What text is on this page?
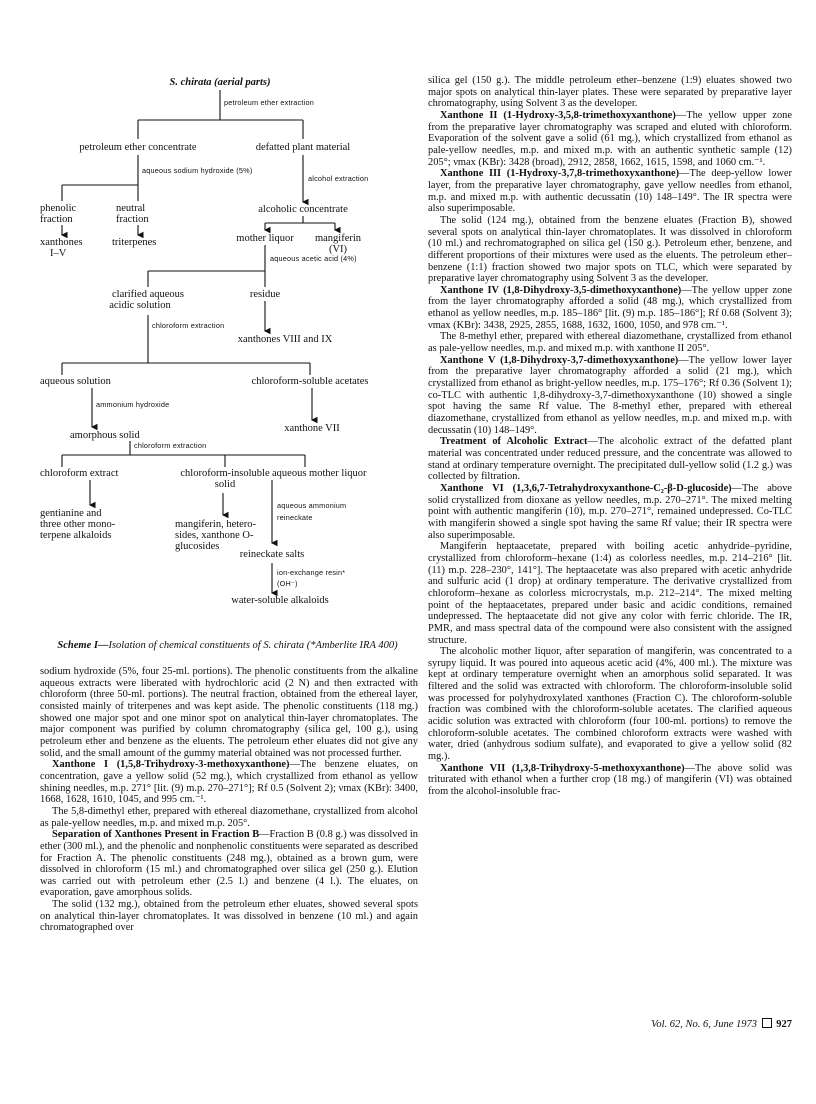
petroleum ether extraction
aqueous sodium hydroxide (5%)
alcohol extraction
aqueous acetic acid (4%)
chloroform extraction
ammonium hydroxide
chloroform extraction
aqueous ammonium
reineckate
ion-exchange resin*
(OH⁻)
S. chirata (aerial parts)
petroleum ether concentrate	defatted plant material
phenolic
fraction
neutral
fraction
alcoholic concentrate
xanthones
I–V
triterpenes	mother liquor mangiferin
(VI)
clarified aqueous
acidic solution
residue
xanthones VIII and IX
aqueous solution	chloroform-soluble acetates
amorphous solid
xanthone VII
chloroform extract	chloroform-insoluble
solid
aqueous mother liquor
gentianine and
three other mono-
terpene alkaloids
mangiferin, hetero-
sides, xanthone O-
glucosides
reineckate salts
water-soluble alkaloids
Scheme I—Isolation of chemical constituents of S. chirata (*Amberlite IRA 400)

sodium hydroxide (5%, four 25-ml. portions). The phenolic constituents from the alkaline aqueous extracts were liberated with hydrochloric acid (2 N) and then extracted with chloroform (three 50-ml. portions). The neutral fraction, obtained from the ethereal layer, consisted mainly of triterpenes and was kept aside. The phenolic constituents (118 mg.) showed one major spot and one minor spot on analytical thin-layer chromatoplates. The major component was purified by column chromatography (silica gel, 100 g.), using petroleum ether and benzene as the eluents. The petroleum ether eluates did not give any solid, and the small amount of the gummy material obtained was not processed further.

Xanthone I (1,5,8-Trihydroxy-3-methoxyxanthone)—The benzene eluates, on concentration, gave a yellow solid (52 mg.), which crystallized from ethanol as yellow shining needles, m.p. 271° [lit. (9) m.p. 270–271°]; Rf 0.5 (Solvent 2); νmax (KBr): 3400, 1668, 1628, 1610, 1045, and 995 cm.⁻¹.

The 5,8-dimethyl ether, prepared with ethereal diazomethane, crystallized from alcohol as pale-yellow needles, m.p. and mixed m.p. 205°.

Separation of Xanthones Present in Fraction B—Fraction B (0.8 g.) was dissolved in ether (300 ml.), and the phenolic and nonphenolic constituents were separated as described for Fraction A. The phenolic constituents (248 mg.), obtained as a brown gum, were dissolved in chloroform (15 ml.) and chromatographed over silica gel (250 g.). Elution was carried out with petroleum ether (2.5 l.) and benzene (4 l.). The eluates, on evaporation, gave amorphous solids.

The solid (132 mg.), obtained from the petroleum ether eluates, showed several spots on analytical thin-layer chromatoplates. It was dissolved in benzene (10 ml.) and again chromatographed over

silica gel (150 g.). The middle petroleum ether–benzene (1:9) eluates showed two major spots on analytical thin-layer plates. These were separated by preparative layer chromatography, using Solvent 3 as the developer.

Xanthone II (1-Hydroxy-3,5,8-trimethoxyxanthone)—The yellow upper zone from the preparative layer chromatography was scraped and eluted with chloroform. Evaporation of the solvent gave a solid (61 mg.), which crystallized from ethanol as pale-yellow needles, m.p. and mixed m.p. with an authentic synthetic sample (12) 205°; νmax (KBr): 3428 (broad), 2912, 2858, 1662, 1615, 1598, and 1060 cm.⁻¹.

Xanthone III (1-Hydroxy-3,7,8-trimethoxyxanthone)—The deep-yellow lower layer, from the preparative layer chromatography, gave yellow needles from ethanol, m.p. and mixed m.p. with authentic decussatin (10) 148–149°. The IR spectra were also superimposable.

The solid (124 mg.), obtained from the benzene eluates (Fraction B), showed several spots on analytical thin-layer chromatoplates. It was dissolved in chloroform (10 ml.) and rechromatographed on silica gel (150 g.). Petroleum ether, benzene, and different proportions of their mixtures were used as the eluents. The petroleum ether–benzene (1:1) fraction showed two major spots on TLC, which were separated by preparative layer chromatography using Solvent 3 as the developer.

Xanthone IV (1,8-Dihydroxy-3,5-dimethoxyxanthone)—The yellow upper zone from the layer chromatography afforded a solid (48 mg.), which crystallized from ethanol as yellow needles, m.p. 185–186° [lit. (9) m.p. 185–186°]; Rf 0.68 (Solvent 3); νmax (KBr): 3438, 2925, 2855, 1688, 1632, 1600, 1050, and 978 cm.⁻¹.

The 8-methyl ether, prepared with ethereal diazomethane, crystallized from ethanol as pale-yellow needles, m.p. and mixed m.p. with xanthone II 205°.

Xanthone V (1,8-Dihydroxy-3,7-dimethoxyxanthone)—The yellow lower layer from the preparative layer chromatography afforded a solid (21 mg.), which crystallized from ethanol as bright-yellow needles, m.p. 175–176°; Rf 0.36 (Solvent 1); co-TLC with authentic 1,8-dihydroxy-3,7-dimethoxyxanthone (10) showed a single spot having the same Rf value. The 8-methyl ether, prepared with ethereal diazomethane, crystallized from ethanol as yellow needles, m.p. and mixed m.p. with decussatin (10) 148–149°.

Treatment of Alcoholic Extract—The alcoholic extract of the defatted plant material was concentrated under reduced pressure, and the concentrate was allowed to stand at ordinary temperature overnight. The precipitated dull-yellow solid (1.2 g.) was collected by filtration.

Xanthone VI (1,3,6,7-Tetrahydroxyxanthone-C₂-β-D-glucoside)—The above solid crystallized from dioxane as yellow needles, m.p. 270–271°. The mixed melting point with authentic mangiferin (10), m.p. 270–271°, remained undepressed. Co-TLC with mangiferin showed a single spot having the same Rf value; their IR spectra were also superimposable.

Mangiferin heptaacetate, prepared with boiling acetic anhydride–pyridine, crystallized from chloroform–hexane (1:4) as colorless needles, m.p. 214–216° [lit. (11) m.p. 228–230°, 141°]. The heptaacetate was also prepared with acetic anhydride and sulfuric acid (1 drop) at ordinary temperature. The derivative crystallized from chloroform–hexane as colorless microcrystals, m.p. 212–214°. The mixed melting point of the heptaacetates, prepared under basic and acidic conditions, remained undepressed. The heptaacetate did not give any color with ferric chloride. The IR, PMR, and mass spectral data of the compound were also consistent with the assigned structure.

The alcoholic mother liquor, after separation of mangiferin, was concentrated to a syrupy liquid. It was poured into aqueous acetic acid (4%, 400 ml.). The mixture was kept at ordinary temperature overnight when an amorphous solid separated. It was filtered and the solid was extracted with chloroform. The chloroform-insoluble solid was processed for polyhydroxylated xanthones (Fraction C). The chloroform-soluble fraction was combined with the chloroform-soluble acetates. The clarified aqueous acidic solution was extracted with chloroform (four 100-ml. portions) to remove the chloroform-soluble acetates. The combined chloroform extracts were washed with water, dried (anhydrous sodium sulfate), and evaporated to give a yellow solid (82 mg.).

Xanthone VII (1,3,8-Trihydroxy-5-methoxyxanthone)—The above solid was triturated with ethanol when a further crop (18 mg.) of mangiferin (VI) was obtained from the alcohol-insoluble frac-

Vol. 62, No. 6, June 1973 927
